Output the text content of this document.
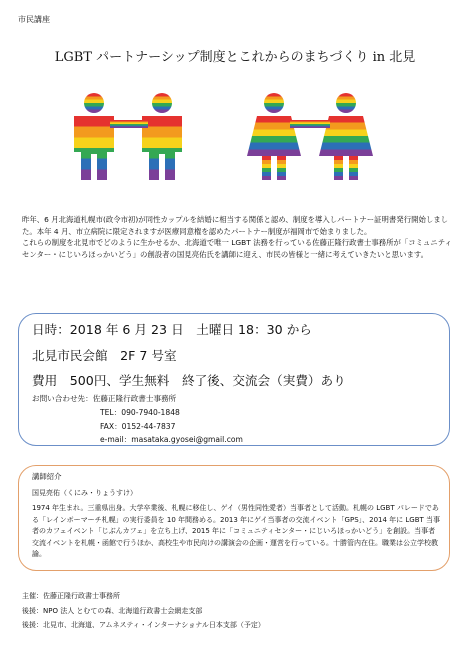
市民講座
LGBT パートナーシップ制度とこれからのまちづくり in 北見

昨年、6 月北海道札幌市(政令市初)が同性カップルを結婚に相当する関係と認め、制度を導入しパートナー証明書発行開始しました。本年 4 月、市立病院に限定されますが医療同意権を認めたパートナー制度が福岡市で始まりました。

これらの制度を北見市でどのように生かせるか、北海道で唯一 LGBT 法務を行っている佐藤正隆行政書士事務所が「コミュニティセンター・にじいろほっかいどう」の創設者の国見亮佑氏を講師に迎え、市民の皆様と一緒に考えていきたいと思います。

日時：2018 年 6 月 23 日　土曜日 18：30 から
北見市民会館　2F 7 号室
費用　500円、学生無料　終了後、交流会（実費）あり
お問い合わせ先：佐藤正隆行政書士事務所
TEL：090-7940-1848
FAX：0152-44-7837
e-mail：masataka.gyosei@gmail.com
講師紹介
国見亮佑（くにみ・りょうすけ）
1974 年生まれ。三重県出身。大学卒業後、札幌に移住し、ゲイ（男性同性愛者）当事者として活動。札幌の LGBT パレードである「レインボーマーチ札幌」の実行委員を 10 年間務める。2013 年にゲイ当事者の交流イベント「GPS」、2014 年に LGBT 当事者のカフェイベント「じぶんカフェ」を立ち上げ、2015 年に「コミュニティセンター・にじいろほっかいどう」を創設。当事者交流イベントを札幌・函館で行うほか、高校生や市民向けの講演会の企画・運営を行っている。十勝管内在住。職業は公立学校教諭。
主催：佐藤正隆行政書士事務所
後援：NPO 法人 とむての森、北海道行政書士会網走支部
後援：北見市、北海道、アムネスティ・インターナショナル日本支部（予定）
